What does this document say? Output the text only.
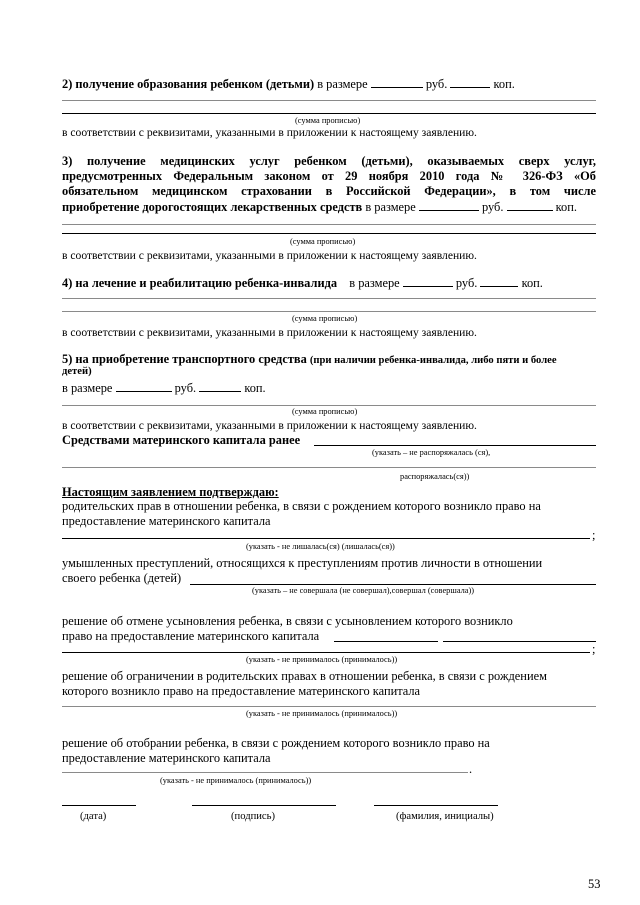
2) получение образования ребенком (детьми) в размере	руб.	коп.
(сумма прописью)
в соответствии с реквизитами, указанными в приложении к настоящему заявлению.
3) получение медицинских услуг ребенком (детьми), оказываемых сверх услуг,
предусмотренных Федеральным законом от 29 ноября 2010 года № 326-ФЗ «Об
обязательном медицинском страховании в Российской Федерации», в том числе
приобретение дорогостоящих лекарственных средств в размере	руб.	коп.
(сумма прописью)
в соответствии с реквизитами, указанными в приложении к настоящему заявлению.
4) на лечение и реабилитацию ребенка-инвалида в размере	руб.	коп.
(сумма прописью)
в соответствии с реквизитами, указанными в приложении к настоящему заявлению.
5) на приобретение транспортного средства (при наличии ребенка-инвалида, либо пяти и более
детей)
в размере	руб.	коп.
(сумма прописью)
в соответствии с реквизитами, указанными в приложении к настоящему заявлению.
Средствами материнского капитала ранее
(указать – не распоряжалась (ся),
распоряжалась(ся))
Настоящим заявлением подтверждаю:
родительских прав в отношении ребенка, в связи с рождением которого возникло право на
предоставление материнского капитала
;
(указать - не лишалась(ся) (лишалась(ся))
умышленных преступлений, относящихся к преступлениям против личности в отношении
своего ребенка (детей)
(указать – не совершала (не совершал),совершал (совершала))
решение об отмене усыновления ребенка, в связи с усыновлением которого возникло
право на предоставление материнского капитала
;
(указать - не принималось (принималось))
решение об ограничении в родительских правах в отношении ребенка, в связи с рождением
которого возникло право на предоставление материнского капитала
(указать - не принималось (принималось))
решение об отобрании ребенка, в связи с рождением которого возникло право на
предоставление материнского капитала
.
(указать - не принималось (принималось))
(дата)	(подпись)	(фамилия, инициалы)
53
